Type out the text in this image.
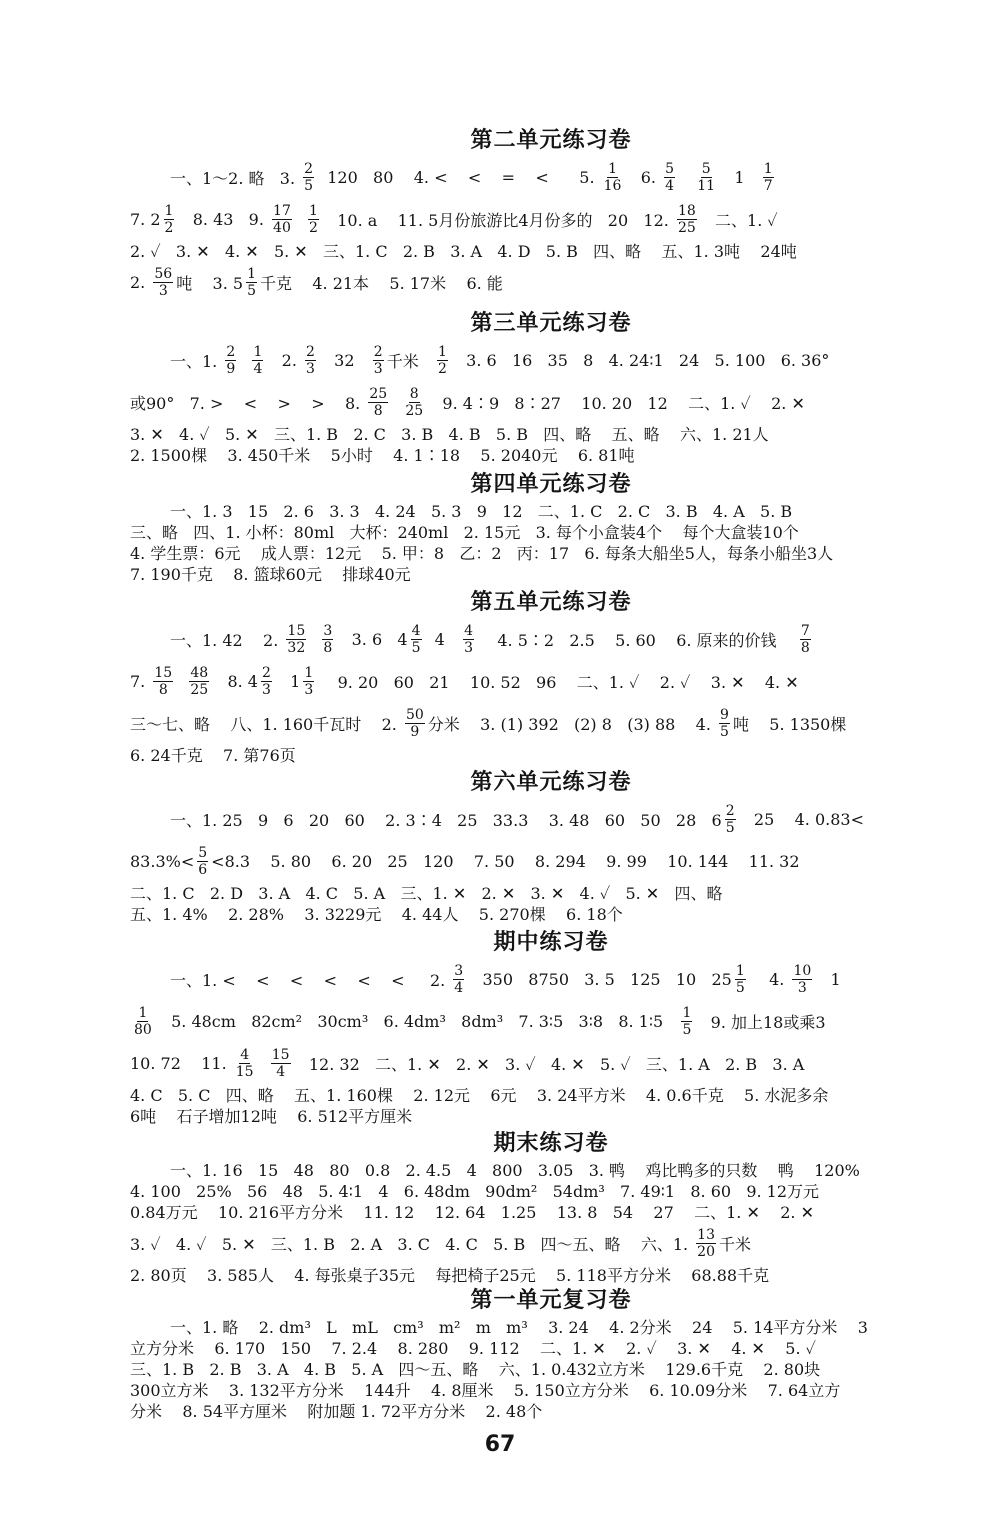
第二单元练习卷
一、1～2. 略   3. $\frac{2}{5} 120$   80    4. <    <    =    <      5. $\frac{1}{16} 6$. $\frac{5}{4}$
$\frac{5}{11} 1 \frac{1}{7}$
7. $2 \frac{1}{2} 8$. 43   9. $\frac{17}{40}$
$\frac{1}{2} 10$. a    11. 5月份旅游比4月份多的   20   12. $\frac{18}{25}$ 二、1. ✓
2. ✓   3. ✕   4. ✕   5. ✕   三、1. C   2. B   3. A   4. D   5. B   四、略    五、1. 3吨    24吨
2. $\frac{56}{3}$ 吨    3. $5 \frac{1}{5}$ 千克    4. 21本    5. 17米    6. 能
第三单元练习卷
一、1. $\frac{2}{9}$
$\frac{1}{4} 2$. $\frac{2}{3} 32 \frac{2}{3}$ 千米 $\frac{1}{2} 3$. 6   16   35   8   4. 24∶1   24   5. 100   6. 36°
或90°   7. >    <    >    >    8. $\frac{25}{8}$
$\frac{8}{25} 9$. 4∶9   8∶27    10. 20   12    二、1. ✓    2. ✕
3. ✕   4. ✓   5. ✕   三、1. B   2. C   3. B   4. B   5. B   四、略    五、略    六、1. 21人
2. 1500棵    3. 450千米    5小时    4. 1∶18    5. 2040元    6. 81吨
第四单元练习卷
一、1. 3   15   2. 6   3. 3   4. 24   5. 3   9   12   二、1. C   2. C   3. B   4. A   5. B
三、略   四、1. 小杯：80ml   大杯：240ml   2. 15元   3. 每个小盒装4个    每个大盒装10个
4. 学生票：6元    成人票：12元    5. 甲：8   乙：2   丙：17   6. 每条大船坐5人，每条小船坐3人
7. 190千克    8. 篮球60元    排球40元
第五单元练习卷
一、1. 42    2. $\frac{15}{32}$
$\frac{3}{8} 3$. 6   $4 \frac{4}{5} 4 \frac{4}{3} 4$. 5∶2   2.5    5. 60    6. 原来的价钱 $\frac{7}{8}$
7. $\frac{15}{8}$
$\frac{48}{25} 8$. $4 \frac{2}{3} 1 \frac{1}{3} 9$. 20   60   21    10. 52   96    二、1. ✓    2. ✓    3. ✕    4. ✕
三～七、略    八、1. 160千瓦时    2. $\frac{50}{9}$ 分米    3. (1) 392   (2) 8   (3) 88    4. $\frac{9}{5}$ 吨    5. 1350棵
6. 24千克    7. 第76页
第六单元练习卷
一、1. 25   9   6   20   60    2. 3∶4   25   33.3    3. 48   60   50   28   $6 \frac{2}{5} 25$    4. 0.83<
$83.3\%< \frac{5}{6} <8.3$    5. 80    6. 20   25   120    7. 50    8. 294    9. 99    10. 144    11. 32
二、1. C   2. D   3. A   4. C   5. A   三、1. ✕   2. ✕   3. ✕   4. ✓   5. ✕   四、略
五、1. 4%    2. 28%    3. 3229元    4. 44人    5. 270棵    6. 18个
期中练习卷
一、1. <    <    <    <    <    <     2. $\frac{3}{4} 350$   8750   3. 5   125   10   $25 \frac{1}{5} 4$. $\frac{10}{3} 1$
$\frac{1}{80} 5$. 48cm   82cm²   30cm³   6. 4dm³   8dm³   7. 3∶5   3∶8   8. 1∶5 $\frac{1}{5} 9$. 加上18或乘3
10. 72    11. $\frac{4}{15}$
$\frac{15}{4} 12$. 32   二、1. ✕   2. ✕   3. ✓   4. ✕   5. ✓   三、1. A   2. B   3. A
4. C   5. C   四、略    五、1. 160棵    2. 12元    6元    3. 24平方米    4. 0.6千克    5. 水泥多余
6吨    石子增加12吨    6. 512平方厘米
期末练习卷
一、1. 16   15   48   80   0.8   2. 4.5   4   800   3.05   3. 鸭    鸡比鸭多的只数    鸭    120%
4. 100   25%   56   48   5. 4∶1   4   6. 48dm   90dm²   54dm³   7. 49∶1   8. 60   9. 12万元
0.84万元    10. 216平方分米    11. 12    12. 64   1.25    13. 8   54    27    二、1. ✕    2. ✕
3. ✓   4. ✓   5. ✕   三、1. B   2. A   3. C   4. C   5. B   四～五、略    六、1. $\frac{13}{20}$ 千米
2. 80页    3. 585人    4. 每张桌子35元    每把椅子25元    5. 118平方分米    68.88千克
第一单元复习卷
一、1. 略    2. dm³   L   mL   cm³   m²   m   m³    3. 24    4. 2分米    24    5. 14平方分米    3
立方分米    6. 170   150    7. 2.4    8. 280    9. 112    二、1. ✕    2. ✓    3. ✕    4. ✕    5. ✓
三、1. B   2. B   3. A   4. B   5. A   四～五、略    六、1. 0.432立方米    129.6千克    2. 80块
300立方米    3. 132平方分米    144升    4. 8厘米    5. 150立方分米    6. 10.09分米    7. 64立方
分米    8. 54平方厘米    附加题 1. 72平方分米    2. 48个
67
